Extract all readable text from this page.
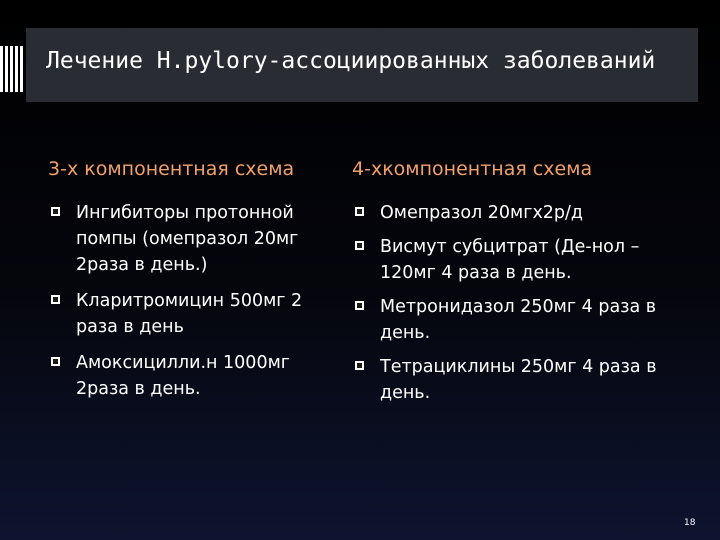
Лечение H.pylory-ассоциированных заболеваний
3-х компонентная схема
Ингибиторы протонной помпы (омепразол 20мг 2раза в день.)
Кларитромицин 500мг 2 раза в день
Амоксицилли.н 1000мг 2раза в день.
4-хкомпонентная схема
Омепразол 20мгх2р/д
Висмут субцитрат (Де-нол – 120мг 4 раза в день.
Метронидазол 250мг 4 раза в день.
Тетрациклины 250мг 4 раза в день.
18
